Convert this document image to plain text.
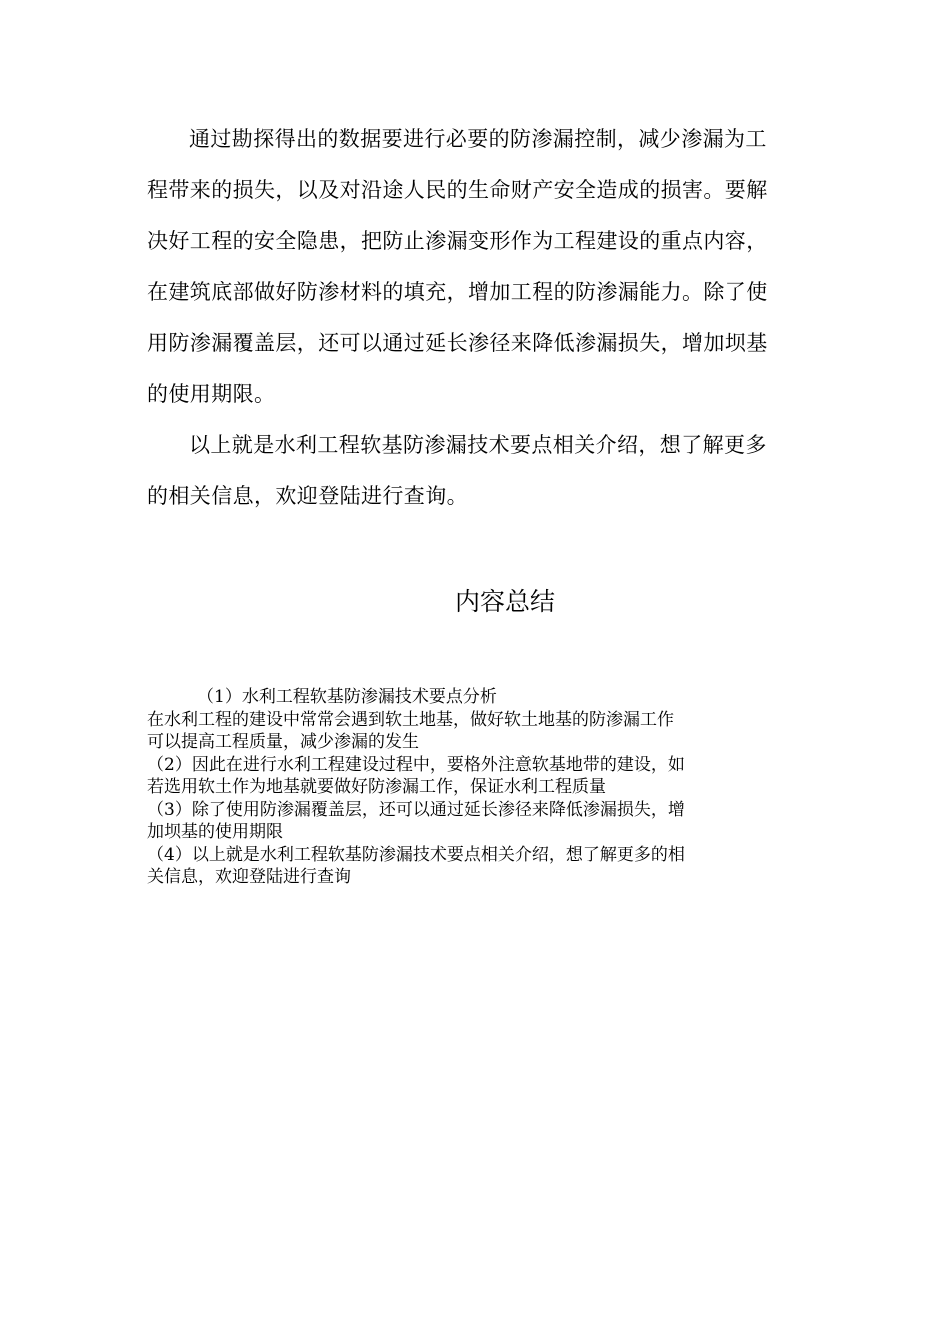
通过勘探得出的数据要进行必要的防渗漏控制，减少渗漏为工
程带来的损失，以及对沿途人民的生命财产安全造成的损害。要解
决好工程的安全隐患，把防止渗漏变形作为工程建设的重点内容，
在建筑底部做好防渗材料的填充，增加工程的防渗漏能力。除了使
用防渗漏覆盖层，还可以通过延长渗径来降低渗漏损失，增加坝基
的使用期限。
以上就是水利工程软基防渗漏技术要点相关介绍，想了解更多
的相关信息，欢迎登陆进行查询。
内容总结
（1）水利工程软基防渗漏技术要点分析
在水利工程的建设中常常会遇到软土地基，做好软土地基的防渗漏工作
可以提高工程质量，减少渗漏的发生
（2）因此在进行水利工程建设过程中，要格外注意软基地带的建设，如
若选用软土作为地基就要做好防渗漏工作，保证水利工程质量
（3）除了使用防渗漏覆盖层，还可以通过延长渗径来降低渗漏损失，增
加坝基的使用期限
（4）以上就是水利工程软基防渗漏技术要点相关介绍，想了解更多的相
关信息，欢迎登陆进行查询
